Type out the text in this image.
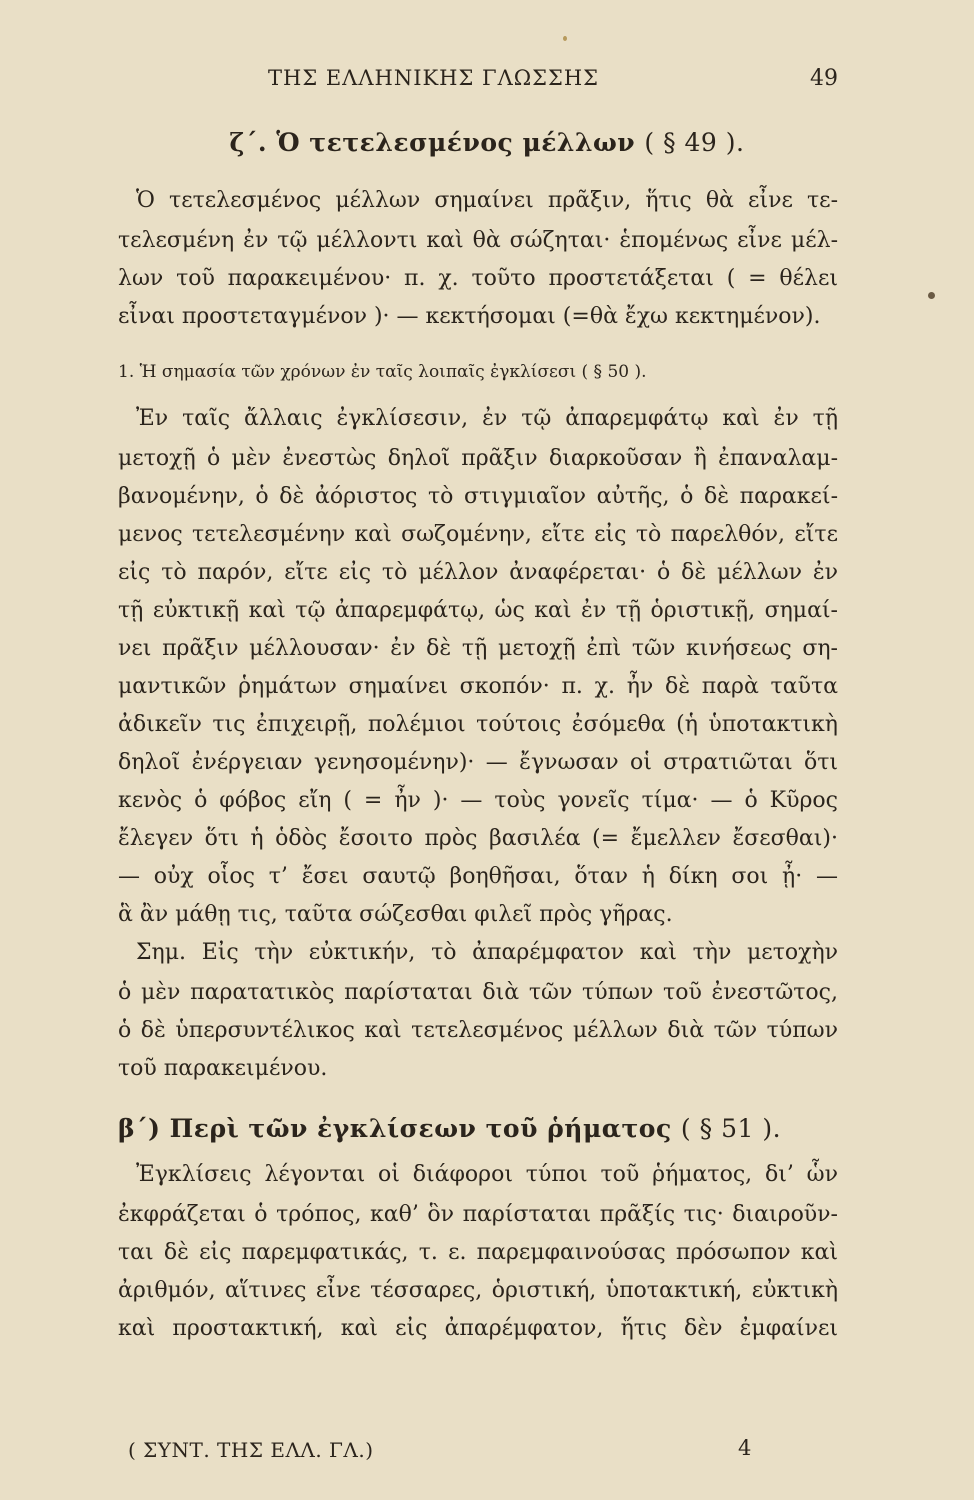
ΤΗΣ ΕΛΛΗΝΙΚΗΣ ΓΛΩΣΣΗΣ	49
ζ΄. Ὁ τετελεσμένος μέλλων ( § 49 ).
Ὁ τετελεσμένος μέλλων σημαίνει πρᾶξιν, ἥτις θὰ εἶνε τε-
τελεσμένη ἐν τῷ μέλλοντι καὶ θὰ σώζηται· ἑπομένως εἶνε μέλ-
λων τοῦ παρακειμένου· π. χ. τοῦτο προστετάξεται ( = θέλει
εἶναι προστεταγμένον )· — κεκτήσομαι (=θὰ ἔχω κεκτημένον).
1. Ἡ σημασία τῶν χρόνων ἐν ταῖς λοιπαῖς ἐγκλίσεσι ( § 50 ).
Ἐν ταῖς ἄλλαις ἐγκλίσεσιν, ἐν τῷ ἀπαρεμφάτῳ καὶ ἐν τῇ
μετοχῇ ὁ μὲν ἐνεστὼς δηλοῖ πρᾶξιν διαρκοῦσαν ἢ ἐπαναλαμ-
βανομένην, ὁ δὲ ἀόριστος τὸ στιγμιαῖον αὐτῆς, ὁ δὲ παρακεί-
μενος τετελεσμένην καὶ σωζομένην, εἴτε εἰς τὸ παρελθόν, εἴτε
εἰς τὸ παρόν, εἴτε εἰς τὸ μέλλον ἀναφέρεται· ὁ δὲ μέλλων ἐν
τῇ εὐκτικῇ καὶ τῷ ἀπαρεμφάτῳ, ὡς καὶ ἐν τῇ ὁριστικῇ, σημαί-
νει πρᾶξιν μέλλουσαν· ἐν δὲ τῇ μετοχῇ ἐπὶ τῶν κινήσεως ση-
μαντικῶν ῥημάτων σημαίνει σκοπόν· π. χ. ἦν δὲ παρὰ ταῦτα
ἀδικεῖν τις ἐπιχειρῇ, πολέμιοι τούτοις ἐσόμεθα (ἡ ὑποτακτικὴ
δηλοῖ ἐνέργειαν γενησομένην)· — ἔγνωσαν οἱ στρατιῶται ὅτι
κενὸς ὁ φόβος εἴη ( = ἦν )· — τοὺς γονεῖς τίμα· — ὁ Κῦρος
ἔλεγεν ὅτι ἡ ὁδὸς ἔσοιτο πρὸς βασιλέα (= ἔμελλεν ἔσεσθαι)·
— οὐχ οἷος τ’ ἔσει σαυτῷ βοηθῆσαι, ὅταν ἡ δίκη σοι ᾖ· —
ἃ ἂν μάθῃ τις, ταῦτα σώζεσθαι φιλεῖ πρὸς γῆρας.
Σημ. Εἰς τὴν εὐκτικήν, τὸ ἀπαρέμφατον καὶ τὴν μετοχὴν
ὁ μὲν παρατατικὸς παρίσταται διὰ τῶν τύπων τοῦ ἐνεστῶτος,
ὁ δὲ ὑπερσυντέλικος καὶ τετελεσμένος μέλλων διὰ τῶν τύπων
τοῦ παρακειμένου.
β΄) Περὶ τῶν ἐγκλίσεων τοῦ ῥήματος ( § 51 ).
Ἐγκλίσεις λέγονται οἱ διάφοροι τύποι τοῦ ῥήματος, δι’ ὧν
ἐκφράζεται ὁ τρόπος, καθ’ ὃν παρίσταται πρᾶξίς τις· διαιροῦν-
ται δὲ εἰς παρεμφατικάς, τ. ε. παρεμφαινούσας πρόσωπον καὶ
ἀριθμόν, αἵτινες εἶνε τέσσαρες, ὁριστική, ὑποτακτική, εὐκτικὴ
καὶ προστακτική, καὶ εἰς ἀπαρέμφατον, ἥτις δὲν ἐμφαίνει
( ΣΥΝΤ. ΤΗΣ ΕΛΛ. ΓΛ.)	4
